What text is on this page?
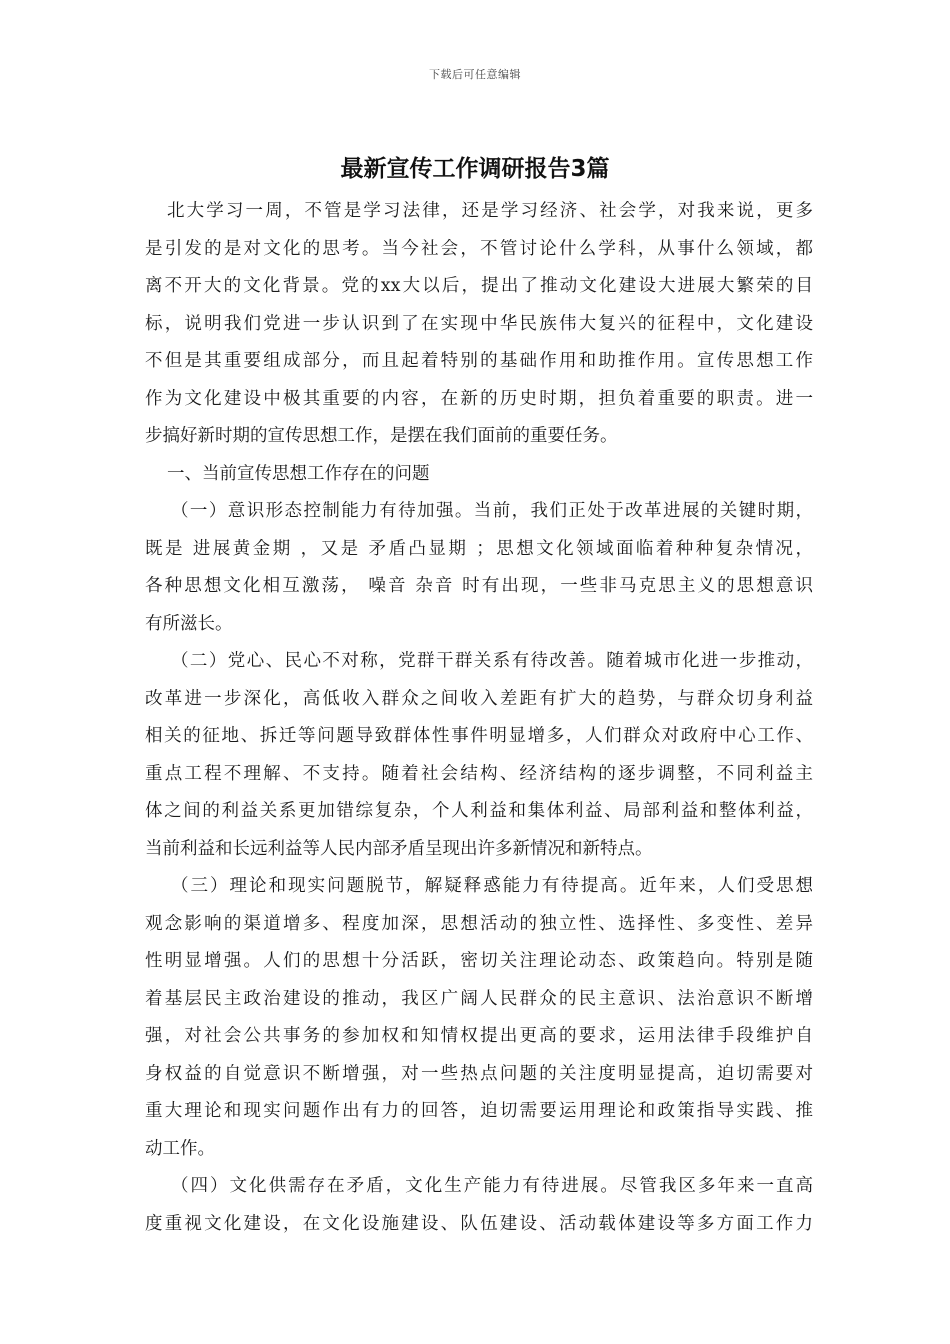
下载后可任意编辑
最新宣传工作调研报告3篇
北大学习一周，不管是学习法律，还是学习经济、社会学，对我来说，更多
是引发的是对文化的思考。当今社会，不管讨论什么学科，从事什么领域，都
离不开大的文化背景。党的xx大以后，提出了推动文化建设大进展大繁荣的目
标，说明我们党进一步认识到了在实现中华民族伟大复兴的征程中，文化建设
不但是其重要组成部分，而且起着特别的基础作用和助推作用。宣传思想工作
作为文化建设中极其重要的内容，在新的历史时期，担负着重要的职责。进一
步搞好新时期的宣传思想工作，是摆在我们面前的重要任务。
一、当前宣传思想工作存在的问题
（一）意识形态控制能力有待加强。当前，我们正处于改革进展的关键时期，
既是 进展黄金期 ，又是 矛盾凸显期 ；思想文化领域面临着种种复杂情况，
各种思想文化相互激荡， 噪音 杂音 时有出现，一些非马克思主义的思想意识
有所滋长。
（二）党心、民心不对称，党群干群关系有待改善。随着城市化进一步推动，
改革进一步深化，高低收入群众之间收入差距有扩大的趋势，与群众切身利益
相关的征地、拆迁等问题导致群体性事件明显增多，人们群众对政府中心工作、
重点工程不理解、不支持。随着社会结构、经济结构的逐步调整，不同利益主
体之间的利益关系更加错综复杂，个人利益和集体利益、局部利益和整体利益，
当前利益和长远利益等人民内部矛盾呈现出许多新情况和新特点。
（三）理论和现实问题脱节，解疑释惑能力有待提高。近年来，人们受思想
观念影响的渠道增多、程度加深，思想活动的独立性、选择性、多变性、差异
性明显增强。人们的思想十分活跃，密切关注理论动态、政策趋向。特别是随
着基层民主政治建设的推动，我区广阔人民群众的民主意识、法治意识不断增
强，对社会公共事务的参加权和知情权提出更高的要求，运用法律手段维护自
身权益的自觉意识不断增强，对一些热点问题的关注度明显提高，迫切需要对
重大理论和现实问题作出有力的回答，迫切需要运用理论和政策指导实践、推
动工作。
（四）文化供需存在矛盾，文化生产能力有待进展。尽管我区多年来一直高
度重视文化建设，在文化设施建设、队伍建设、活动载体建设等多方面工作力
